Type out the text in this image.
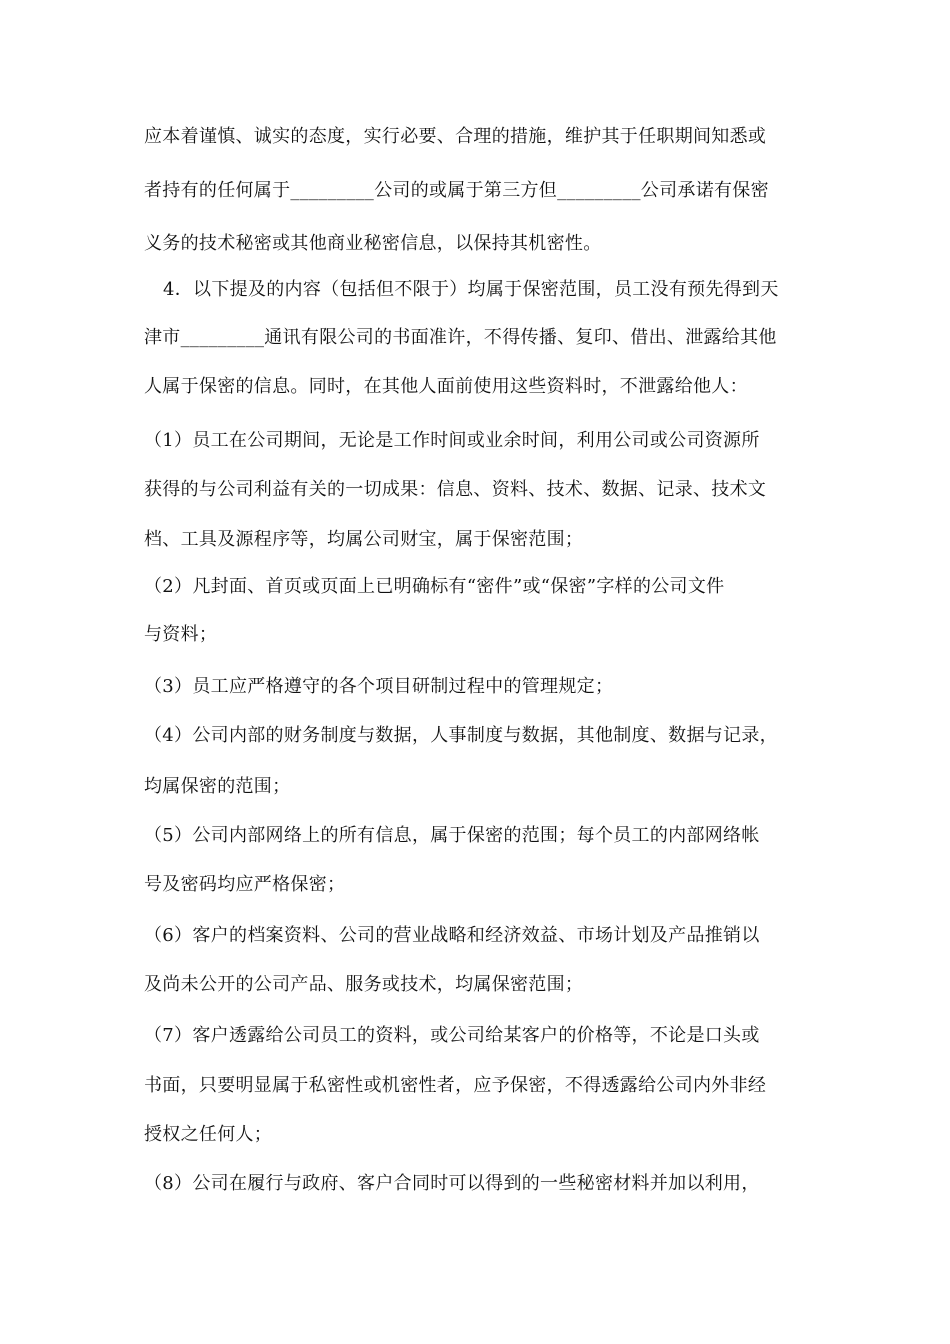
应本着谨慎、诚实的态度，实行必要、合理的措施，维护其于任职期间知悉或
者持有的任何属于_________公司的或属于第三方但_________公司承诺有保密
义务的技术秘密或其他商业秘密信息，以保持其机密性。
4．以下提及的内容（包括但不限于）均属于保密范围，员工没有预先得到天
津市_________通讯有限公司的书面准许，不得传播、复印、借出、泄露给其他
人属于保密的信息。同时，在其他人面前使用这些资料时，不泄露给他人：
（1）员工在公司期间，无论是工作时间或业余时间，利用公司或公司资源所
获得的与公司利益有关的一切成果：信息、资料、技术、数据、记录、技术文
档、工具及源程序等，均属公司财宝，属于保密范围；
（2）凡封面、首页或页面上已明确标有“密件”或“保密”字样的公司文件
与资料；
（3）员工应严格遵守的各个项目研制过程中的管理规定；
（4）公司内部的财务制度与数据，人事制度与数据，其他制度、数据与记录，
均属保密的范围；
（5）公司内部网络上的所有信息，属于保密的范围；每个员工的内部网络帐
号及密码均应严格保密；
（6）客户的档案资料、公司的营业战略和经济效益、市场计划及产品推销以
及尚未公开的公司产品、服务或技术，均属保密范围；
（7）客户透露给公司员工的资料，或公司给某客户的价格等，不论是口头或
书面，只要明显属于私密性或机密性者，应予保密，不得透露给公司内外非经
授权之任何人；
（8）公司在履行与政府、客户合同时可以得到的一些秘密材料并加以利用，
